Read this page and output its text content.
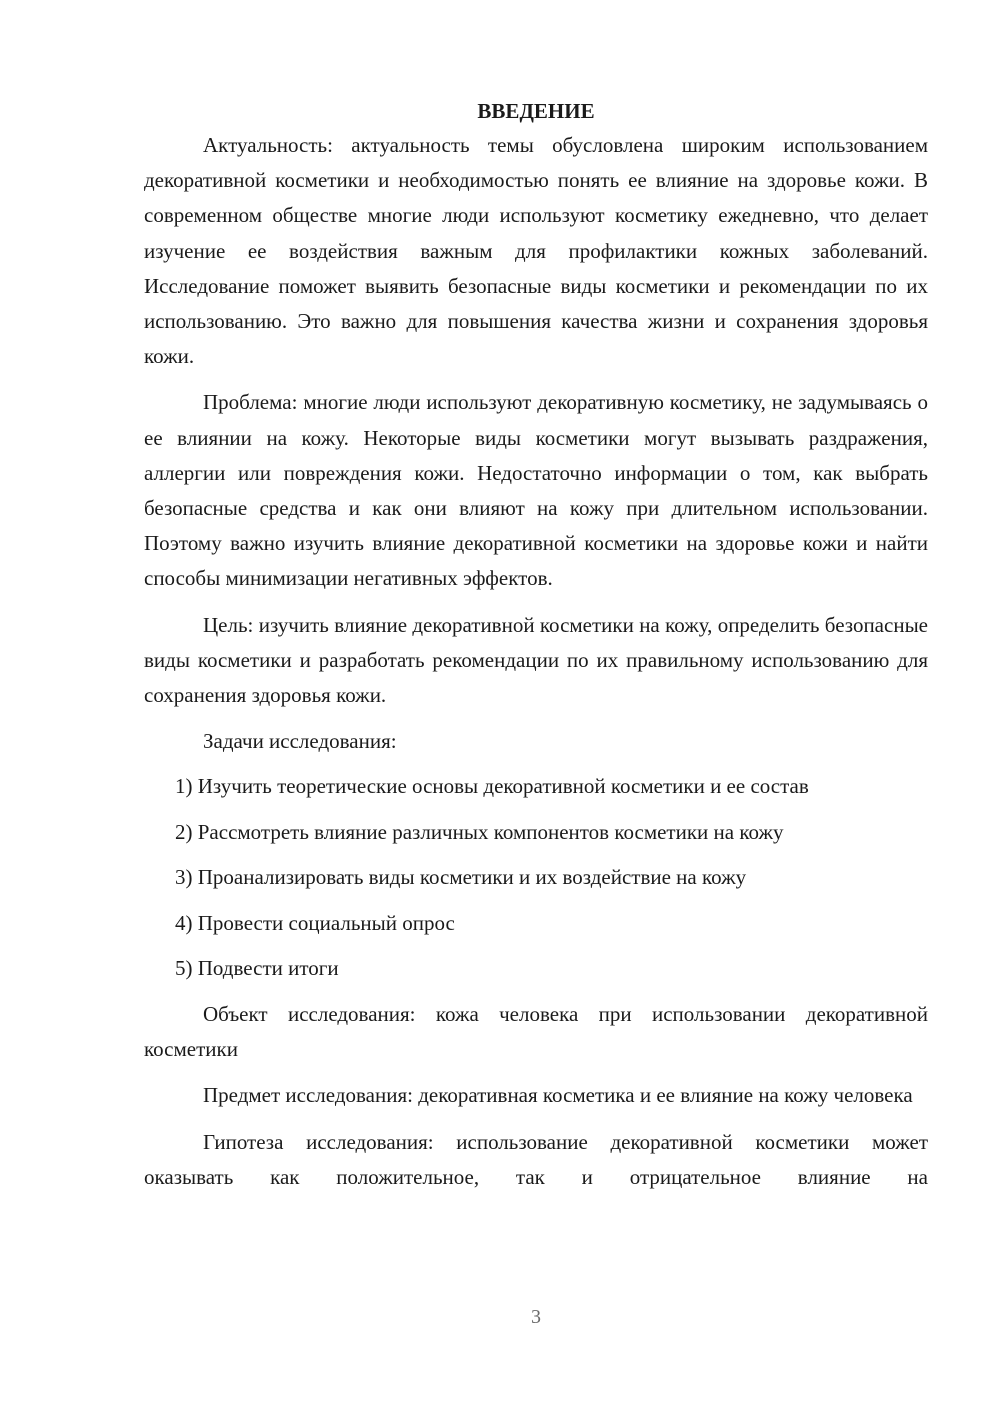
ВВЕДЕНИЕ

Актуальность: актуальность темы обусловлена широким использованием декоративной косметики и необходимостью понять ее влияние на здоровье кожи. В современном обществе многие люди используют косметику ежедневно, что делает изучение ее воздействия важным для профилактики кожных заболеваний. Исследование поможет выявить безопасные виды косметики и рекомендации по их использованию. Это важно для повышения качества жизни и сохранения здоровья кожи.

Проблема: многие люди используют декоративную косметику, не задумываясь о ее влиянии на кожу. Некоторые виды косметики могут вызывать раздражения, аллергии или повреждения кожи. Недостаточно информации о том, как выбрать безопасные средства и как они влияют на кожу при длительном использовании. Поэтому важно изучить влияние декоративной косметики на здоровье кожи и найти способы минимизации негативных эффектов.

Цель: изучить влияние декоративной косметики на кожу, определить безопасные виды косметики и разработать рекомендации по их правильному использованию для сохранения здоровья кожи.

Задачи исследования:

1) Изучить теоретические основы декоративной косметики и ее состав
2) Рассмотреть влияние различных компонентов косметики на кожу
3) Проанализировать виды косметики и их воздействие на кожу
4) Провести социальный опрос
5) Подвести итоги

Объект исследования: кожа человека при использовании декоративной косметики

Предмет исследования: декоративная косметика и ее влияние на кожу человека

Гипотеза исследования: использование декоративной косметики может оказывать как положительное, так и отрицательное влияние на

3
